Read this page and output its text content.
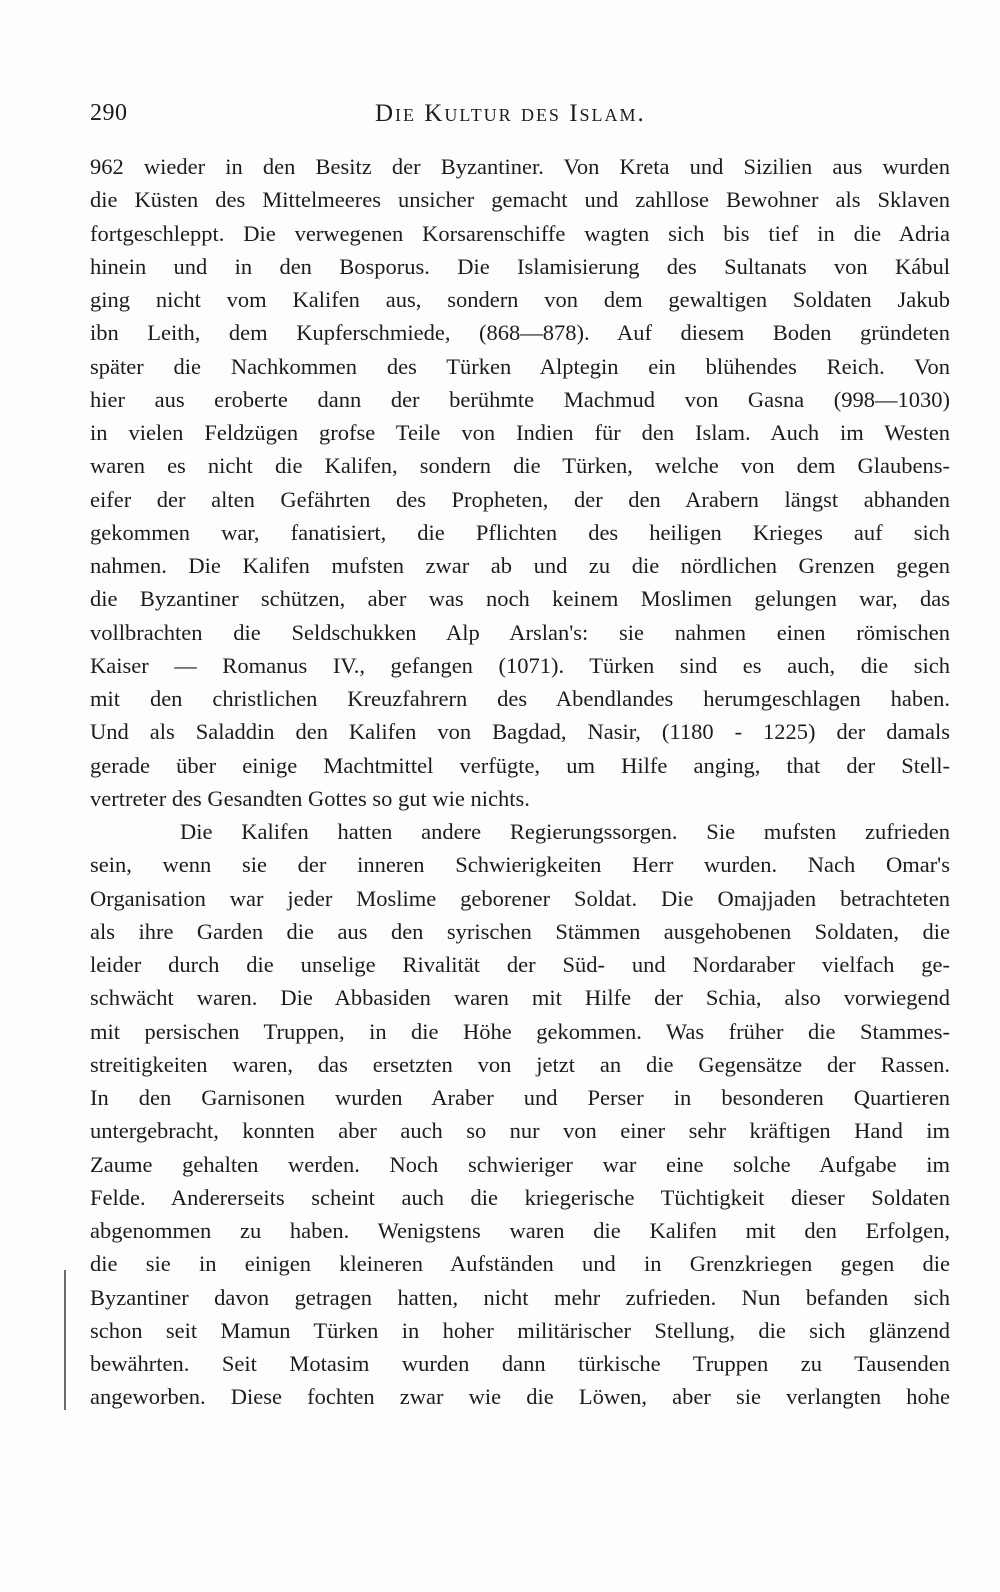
290	Die Kultur des Islam.
962 wieder in den Besitz der Byzantiner. Von Kreta und Sizilien aus wurden
die Küsten des Mittelmeeres unsicher gemacht und zahllose Bewohner als Sklaven
fortgeschleppt. Die verwegenen Korsarenschiffe wagten sich bis tief in die Adria
hinein und in den Bosporus. Die Islamisierung des Sultanats von Kábul
ging nicht vom Kalifen aus, sondern von dem gewaltigen Soldaten Jakub
ibn Leith, dem Kupferschmiede, (868—878). Auf diesem Boden gründeten
später die Nachkommen des Türken Alptegin ein blühendes Reich. Von
hier aus eroberte dann der berühmte Machmud von Gasna (998—1030)
in vielen Feldzügen grofse Teile von Indien für den Islam. Auch im Westen
waren es nicht die Kalifen, sondern die Türken, welche von dem Glaubens-
eifer der alten Gefährten des Propheten, der den Arabern längst abhanden
gekommen war, fanatisiert, die Pflichten des heiligen Krieges auf sich
nahmen. Die Kalifen mufsten zwar ab und zu die nördlichen Grenzen gegen
die Byzantiner schützen, aber was noch keinem Moslimen gelungen war, das
vollbrachten die Seldschukken Alp Arslan's: sie nahmen einen römischen
Kaiser — Romanus IV., gefangen (1071). Türken sind es auch, die sich
mit den christlichen Kreuzfahrern des Abendlandes herumgeschlagen haben.
Und als Saladdin den Kalifen von Bagdad, Nasir, (1180 - 1225) der damals
gerade über einige Machtmittel verfügte, um Hilfe anging, that der Stell-
vertreter des Gesandten Gottes so gut wie nichts.
Die Kalifen hatten andere Regierungssorgen. Sie mufsten zufrieden
sein, wenn sie der inneren Schwierigkeiten Herr wurden. Nach Omar's
Organisation war jeder Moslime geborener Soldat. Die Omajjaden betrachteten
als ihre Garden die aus den syrischen Stämmen ausgehobenen Soldaten, die
leider durch die unselige Rivalität der Süd- und Nordaraber vielfach ge-
schwächt waren. Die Abbasiden waren mit Hilfe der Schia, also vorwiegend
mit persischen Truppen, in die Höhe gekommen. Was früher die Stammes-
streitigkeiten waren, das ersetzten von jetzt an die Gegensätze der Rassen.
In den Garnisonen wurden Araber und Perser in besonderen Quartieren
untergebracht, konnten aber auch so nur von einer sehr kräftigen Hand im
Zaume gehalten werden. Noch schwieriger war eine solche Aufgabe im
Felde. Andererseits scheint auch die kriegerische Tüchtigkeit dieser Soldaten
abgenommen zu haben. Wenigstens waren die Kalifen mit den Erfolgen,
die sie in einigen kleineren Aufständen und in Grenzkriegen gegen die
Byzantiner davon getragen hatten, nicht mehr zufrieden. Nun befanden sich
schon seit Mamun Türken in hoher militärischer Stellung, die sich glänzend
bewährten. Seit Motasim wurden dann türkische Truppen zu Tausenden
angeworben. Diese fochten zwar wie die Löwen, aber sie verlangten hohe
